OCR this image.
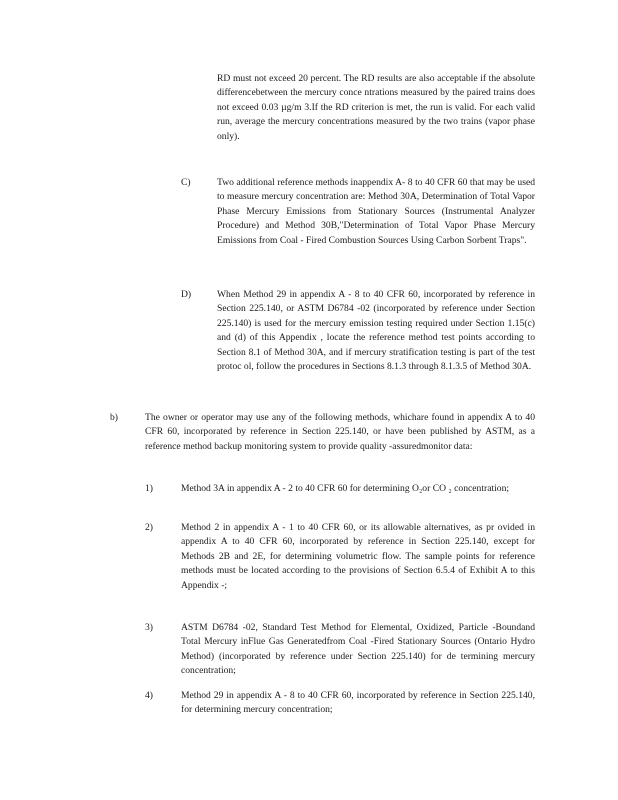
RD must not exceed 20 percent. The RD results are also acceptable if the absolute differencebetween the mercury conce ntrations measured by the paired trains does not exceed 0.03 µg/m 3.If the RD criterion is met, the run is valid. For each valid run, average the mercury concentrations measured by the two trains (vapor phase only).

C)	Two additional reference methods inappendix A- 8 to 40 CFR 60 that may be used to measure mercury concentration are: Method 30A, Determination of Total Vapor Phase Mercury Emissions from Stationary Sources (Instrumental Analyzer Procedure) and Method 30B,"Determination of Total Vapor Phase Mercury Emissions from Coal - Fired Combustion Sources Using Carbon Sorbent Traps".

D)	When Method 29 in appendix A - 8 to 40 CFR 60, incorporated by reference in Section 225.140, or ASTM D6784 -02 (incorporated by reference under Section 225.140) is used for the mercury emission testing required under Section 1.15(c) and (d) of this Appendix , locate the reference method test points according to Section 8.1 of Method 30A, and if mercury stratification testing is part of the test protoc ol, follow the procedures in Sections 8.1.3 through 8.1.3.5 of Method 30A.

b)	The owner or operator may use any of the following methods, whichare found in appendix A to 40 CFR 60, incorporated by reference in Section 225.140, or have been published by ASTM, as a reference method backup monitoring system to provide quality -assuredmonitor data:

1)	Method 3A in appendix A - 2 to 40 CFR 60 for determining O₂or CO ₂ concentration;

2)	Method 2 in appendix A - 1 to 40 CFR 60, or its allowable alternatives, as pr ovided in appendix A to 40 CFR 60, incorporated by reference in Section 225.140, except for Methods 2B and 2E, for determining volumetric flow. The sample points for reference methods must be located according to the provisions of Section 6.5.4 of Exhibit A to this Appendix -;

3)	ASTM D6784 -02, Standard Test Method for Elemental, Oxidized, Particle -Boundand Total Mercury inFlue Gas Generatedfrom Coal -Fired Stationary Sources (Ontario Hydro Method) (incorporated by reference under Section 225.140) for de termining mercury concentration;

4)	Method 29 in appendix A - 8 to 40 CFR 60, incorporated by reference in Section 225.140, for determining mercury concentration;
